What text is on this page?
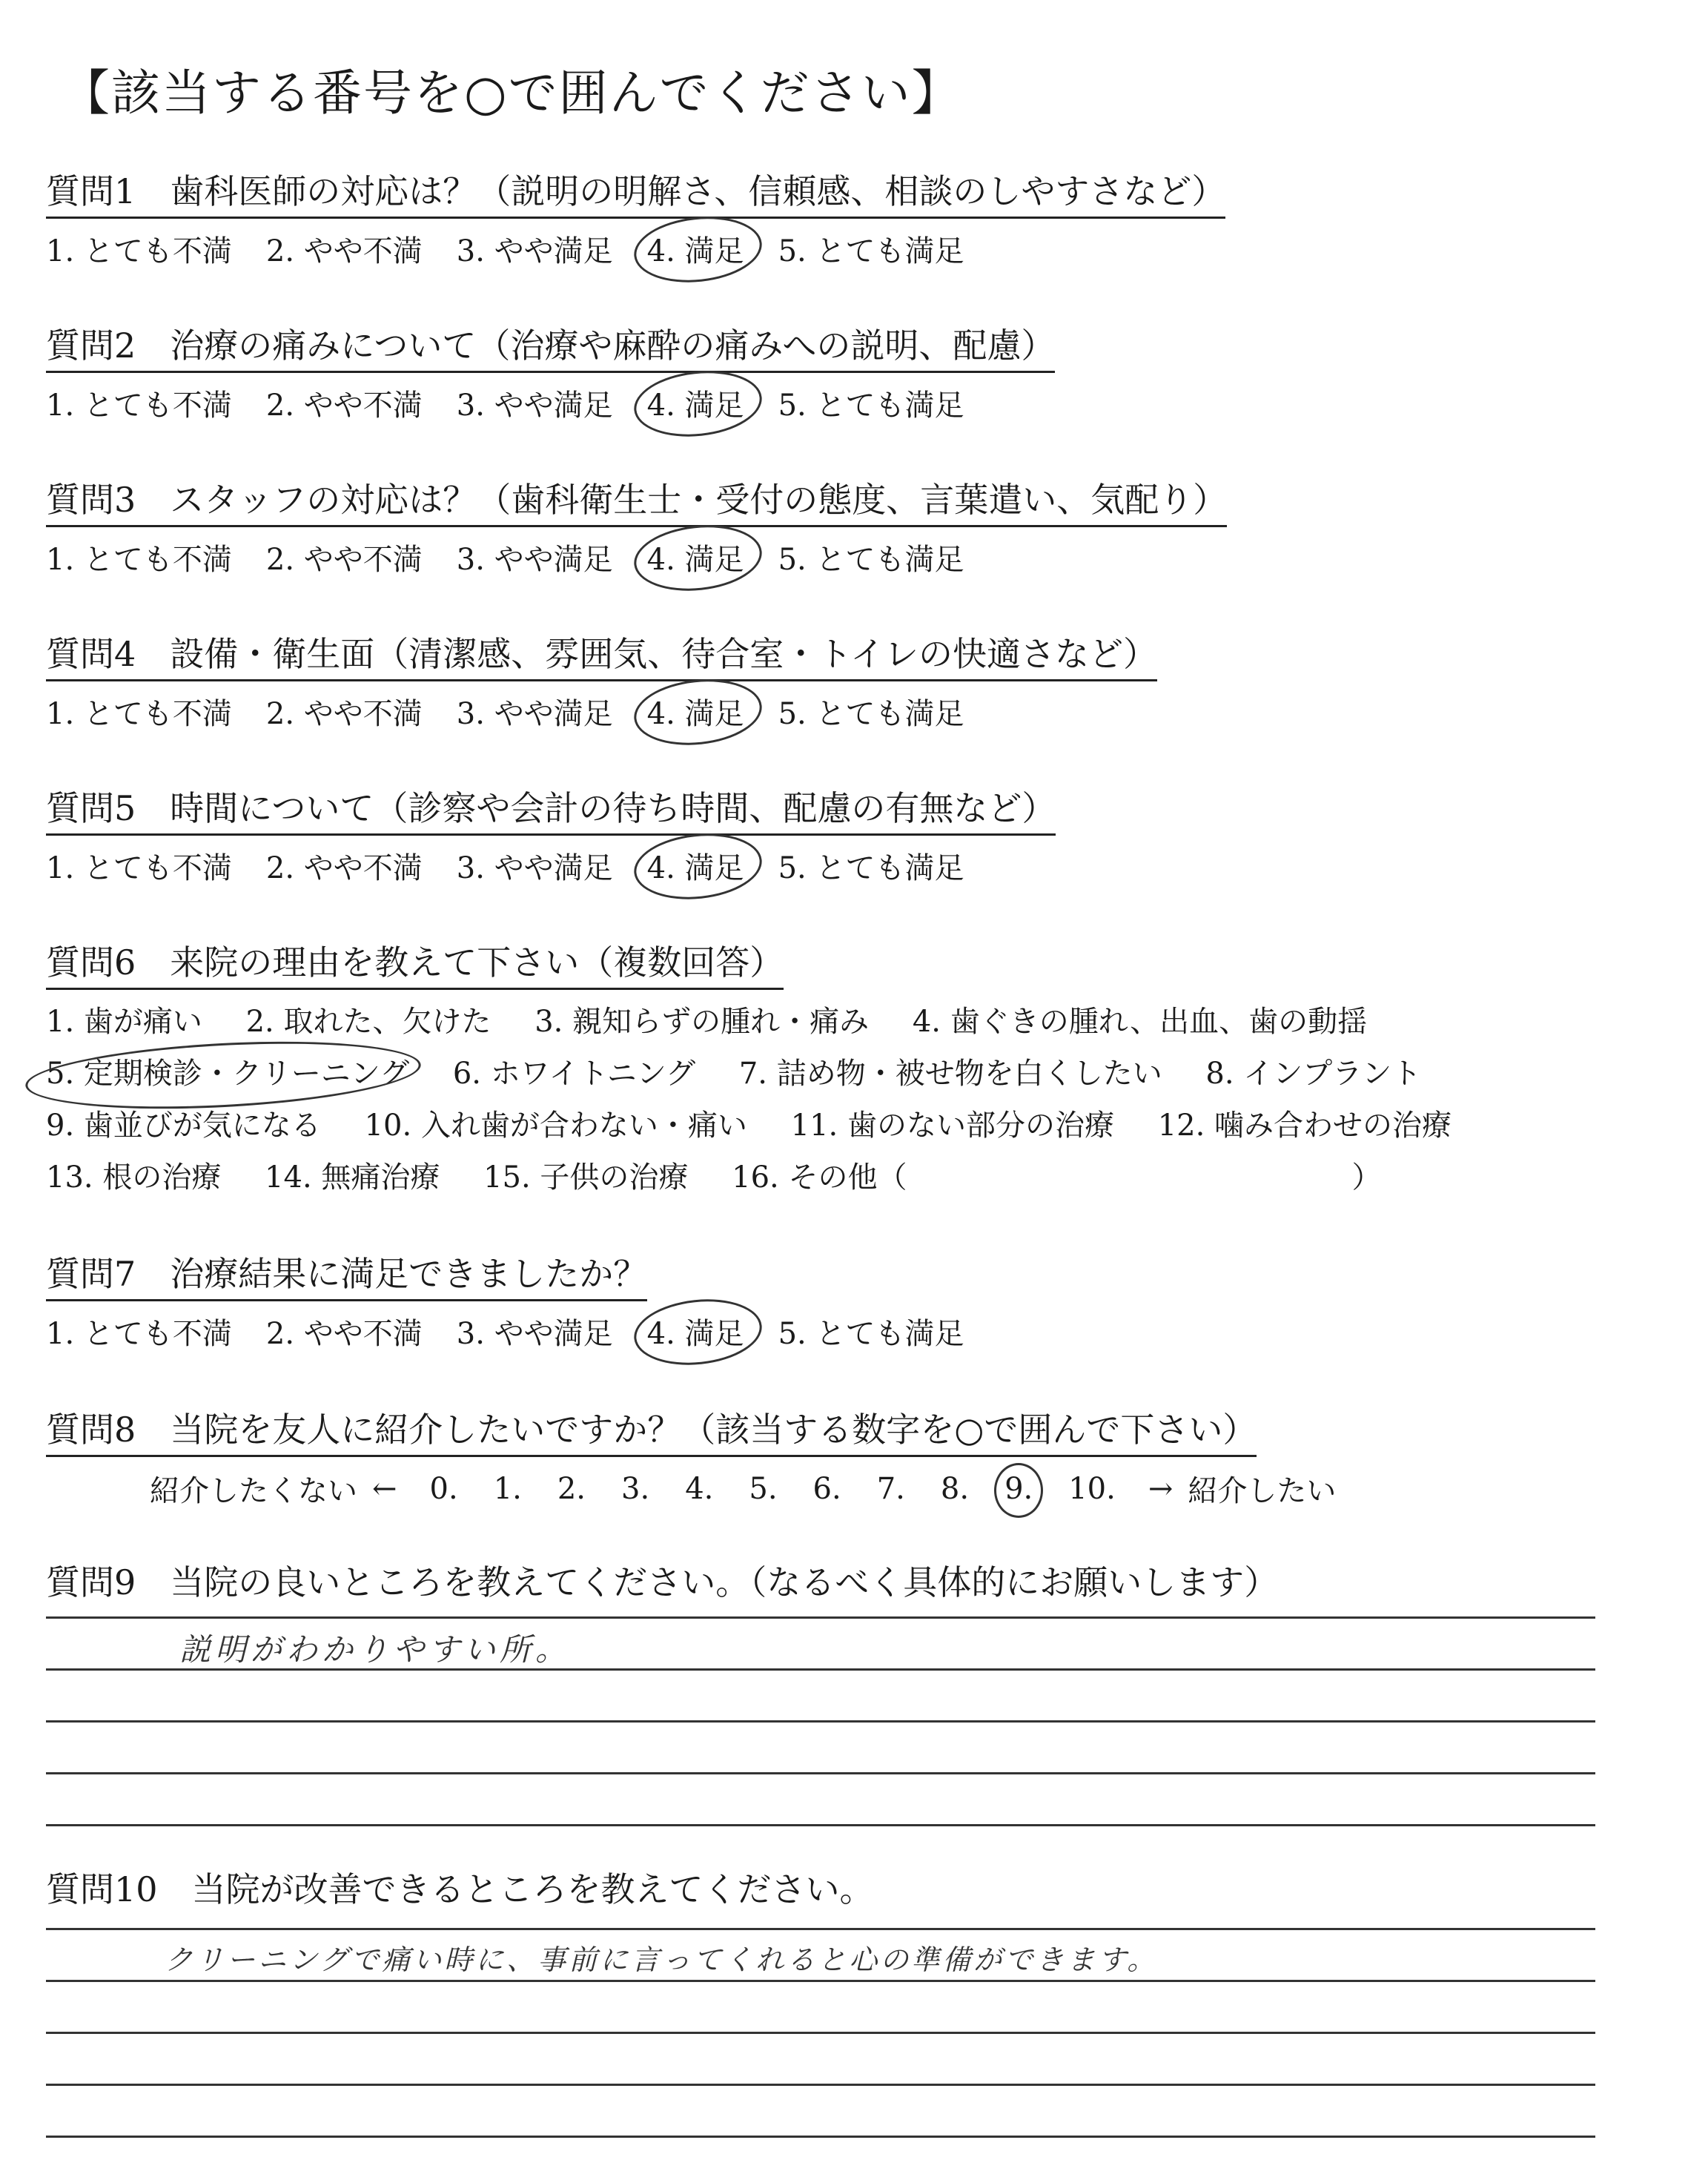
【該当する番号を○で囲んでください】
質問1　歯科医師の対応は？（説明の明解さ、信頼感、相談のしやすさなど）
1. とても不満 2. やや不満 3. やや満足 4. 満足 5. とても満足
質問2　治療の痛みについて（治療や麻酔の痛みへの説明、配慮）
1. とても不満 2. やや不満 3. やや満足 4. 満足 5. とても満足
質問3　スタッフの対応は？（歯科衛生士・受付の態度、言葉遣い、気配り）
1. とても不満 2. やや不満 3. やや満足 4. 満足 5. とても満足
質問4　設備・衛生面（清潔感、雰囲気、待合室・トイレの快適さなど）
1. とても不満 2. やや不満 3. やや満足 4. 満足 5. とても満足
質問5　時間について（診察や会計の待ち時間、配慮の有無など）
1. とても不満 2. やや不満 3. やや満足 4. 満足 5. とても満足
質問6　来院の理由を教えて下さい（複数回答）
1. 歯が痛い 2. 取れた、欠けた 3. 親知らずの腫れ・痛み 4. 歯ぐきの腫れ、出血、歯の動揺
5. 定期検診・クリーニング 6. ホワイトニング 7. 詰め物・被せ物を白くしたい 8. インプラント
9. 歯並びが気になる 10. 入れ歯が合わない・痛い 11. 歯のない部分の治療 12. 噛み合わせの治療
13. 根の治療 14. 無痛治療 15. 子供の治療 16. その他（　　　　　　　　　　　　　　　）
質問7　治療結果に満足できましたか？
1. とても不満 2. やや不満 3. やや満足 4. 満足 5. とても満足
質問8　当院を友人に紹介したいですか？（該当する数字を○で囲んで下さい）
紹介したくない ← 0. 1. 2. 3. 4. 5. 6. 7. 8. 9. 10. → 紹介したい
質問9　当院の良いところを教えてください。（なるべく具体的にお願いします）
説明がわかりやすい所。
質問10　当院が改善できるところを教えてください。
クリーニングで痛い時に、事前に言ってくれると心の準備ができます。
